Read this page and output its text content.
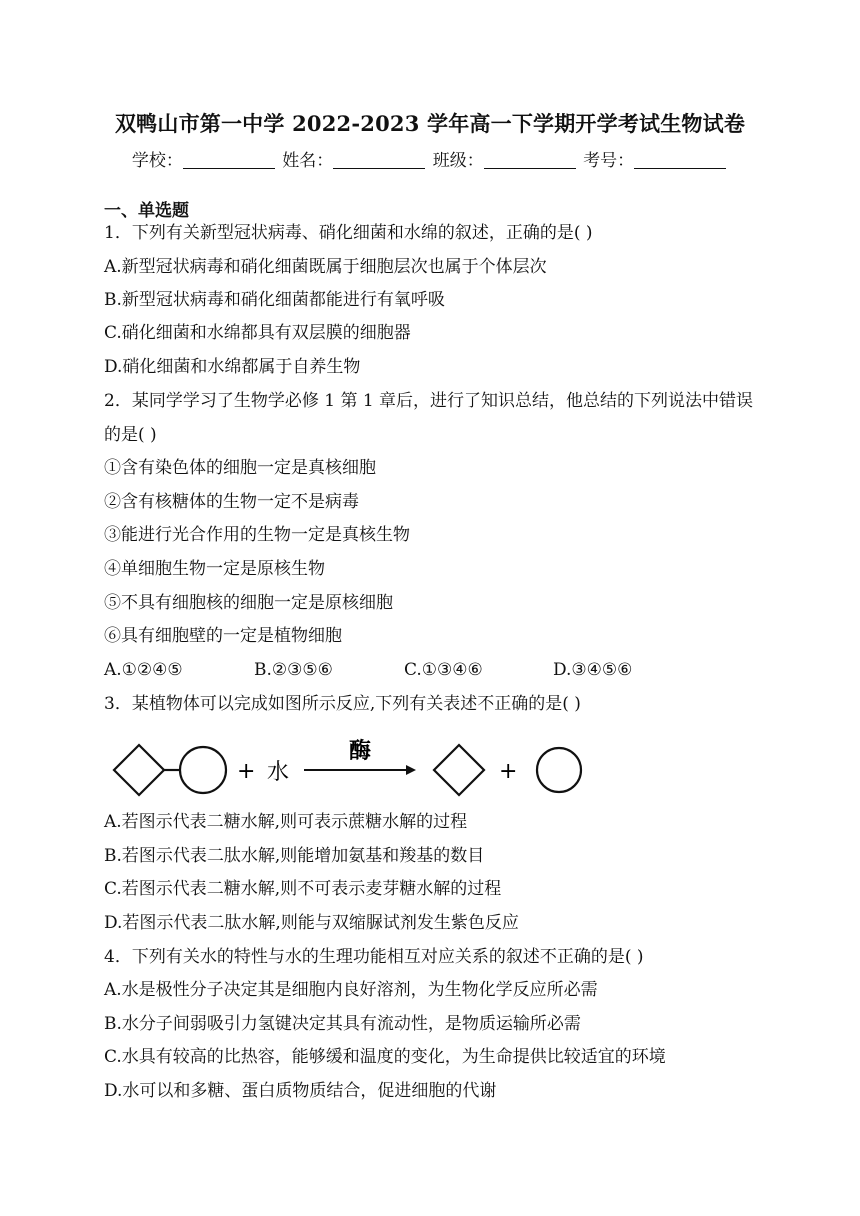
双鸭山市第一中学 2022-2023 学年高一下学期开学考试生物试卷
学校：	姓名：	班级：	考号：
一、单选题
1．下列有关新型冠状病毒、硝化细菌和水绵的叙述，正确的是( )
A.新型冠状病毒和硝化细菌既属于细胞层次也属于个体层次
B.新型冠状病毒和硝化细菌都能进行有氧呼吸
C.硝化细菌和水绵都具有双层膜的细胞器
D.硝化细菌和水绵都属于自养生物
2．某同学学习了生物学必修 1 第 1 章后，进行了知识总结，他总结的下列说法中错误
的是( )
①含有染色体的细胞一定是真核细胞
②含有核糖体的生物一定不是病毒
③能进行光合作用的生物一定是真核生物
④单细胞生物一定是原核生物
⑤不具有细胞核的细胞一定是原核细胞
⑥具有细胞壁的一定是植物细胞
A.①②④⑤	B.②③⑤⑥	C.①③④⑥	D.③④⑤⑥
3．某植物体可以完成如图所示反应,下列有关表述不正确的是( )
+ 水
酶
+
A.若图示代表二糖水解,则可表示蔗糖水解的过程
B.若图示代表二肽水解,则能增加氨基和羧基的数目
C.若图示代表二糖水解,则不可表示麦芽糖水解的过程
D.若图示代表二肽水解,则能与双缩脲试剂发生紫色反应
4．下列有关水的特性与水的生理功能相互对应关系的叙述不正确的是( )
A.水是极性分子决定其是细胞内良好溶剂，为生物化学反应所必需
B.水分子间弱吸引力氢键决定其具有流动性，是物质运输所必需
C.水具有较高的比热容，能够缓和温度的变化，为生命提供比较适宜的环境
D.水可以和多糖、蛋白质物质结合，促进细胞的代谢
